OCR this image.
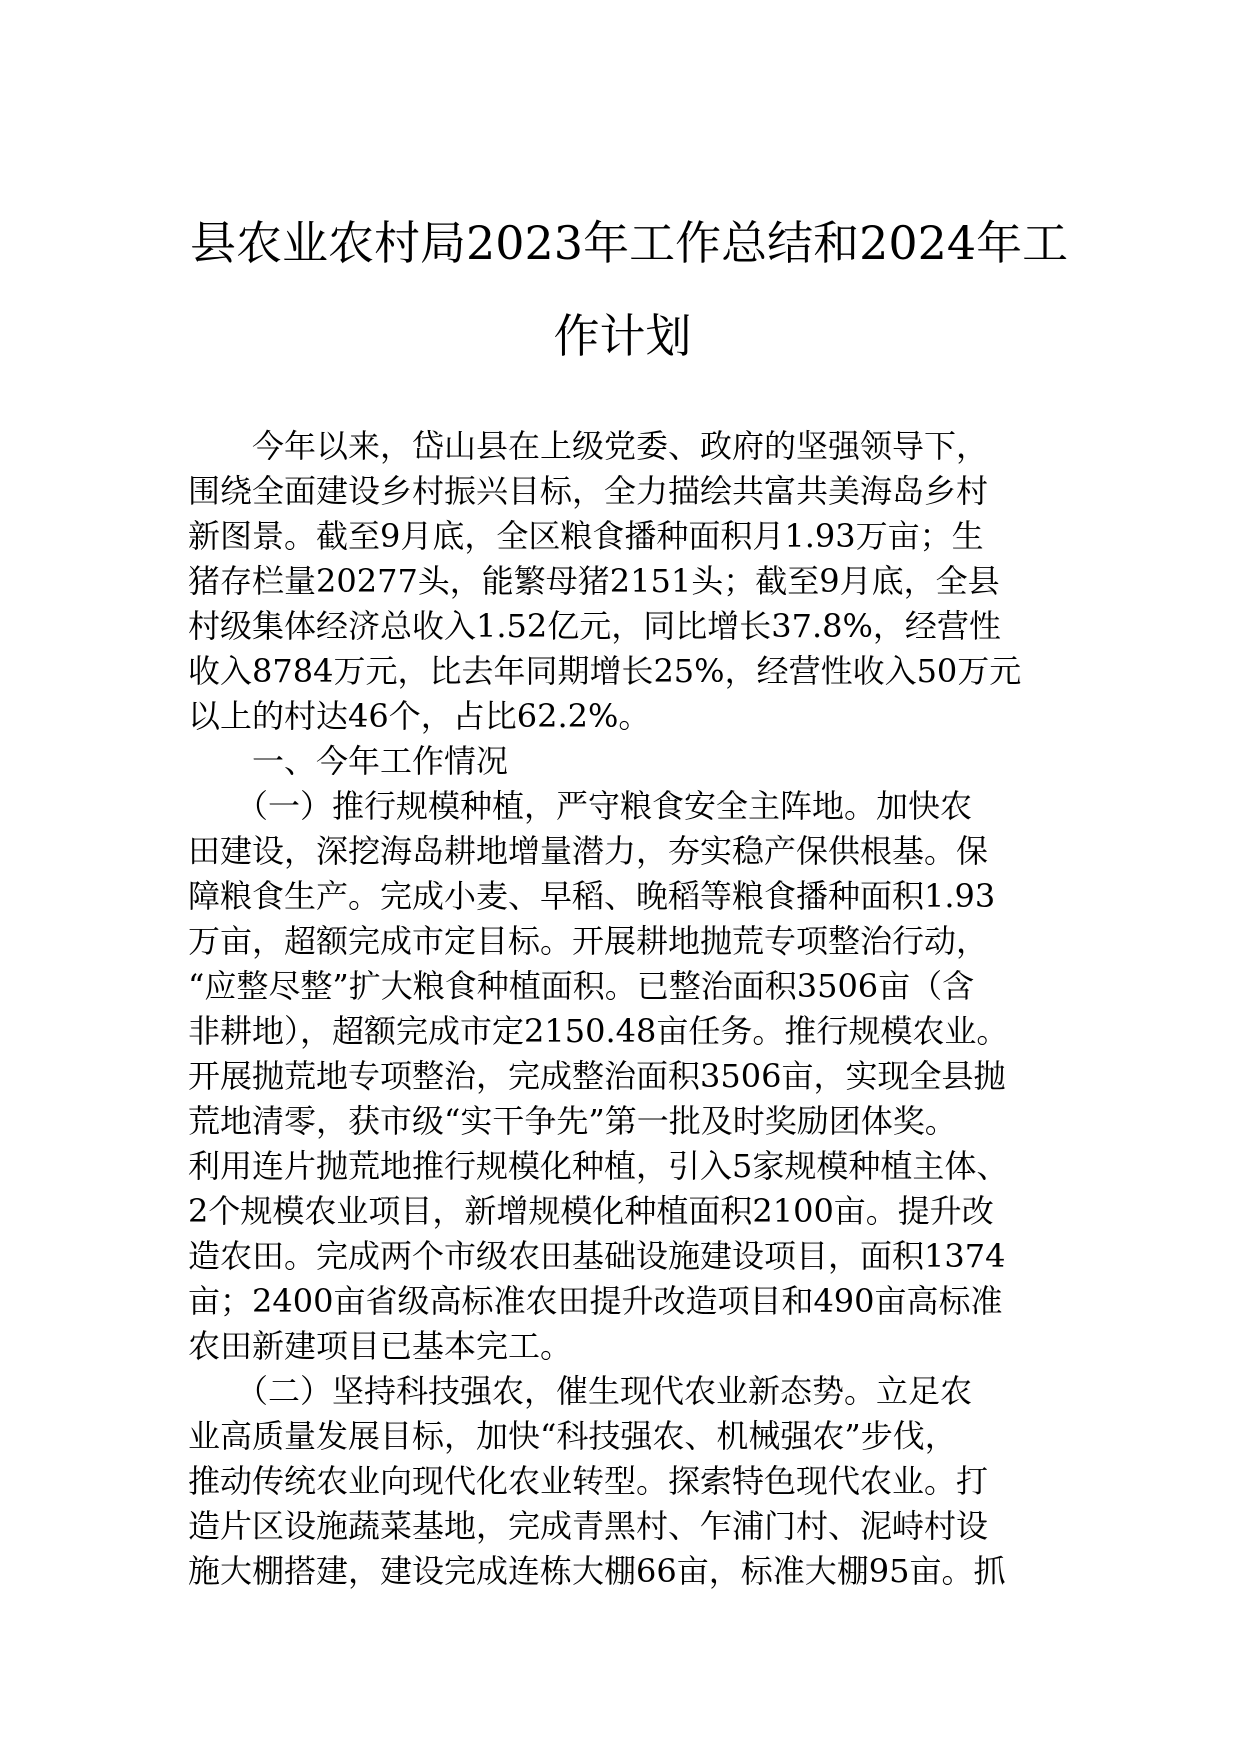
县农业农村局2023年工作总结和2024年工
作计划
　　今年以来，岱山县在上级党委、政府的坚强领导下，
围绕全面建设乡村振兴目标，全力描绘共富共美海岛乡村
新图景。截至9月底，全区粮食播种面积月1.93万亩；生
猪存栏量20277头，能繁母猪2151头；截至9月底，全县
村级集体经济总收入1.52亿元，同比增长37.8%，经营性
收入8784万元，比去年同期增长25%，经营性收入50万元
以上的村达46个，占比62.2%。
　　一、今年工作情况
　　（一）推行规模种植，严守粮食安全主阵地。加快农
田建设，深挖海岛耕地增量潜力，夯实稳产保供根基。保
障粮食生产。完成小麦、早稻、晚稻等粮食播种面积1.93
万亩，超额完成市定目标。开展耕地抛荒专项整治行动，
“应整尽整”扩大粮食种植面积。已整治面积3506亩（含
非耕地），超额完成市定2150.48亩任务。推行规模农业。
开展抛荒地专项整治，完成整治面积3506亩，实现全县抛
荒地清零，获市级“实干争先”第一批及时奖励团体奖。
利用连片抛荒地推行规模化种植，引入5家规模种植主体、
2个规模农业项目，新增规模化种植面积2100亩。提升改
造农田。完成两个市级农田基础设施建设项目，面积1374
亩；2400亩省级高标准农田提升改造项目和490亩高标准
农田新建项目已基本完工。
　　（二）坚持科技强农，催生现代农业新态势。立足农
业高质量发展目标，加快“科技强农、机械强农”步伐，
推动传统农业向现代化农业转型。探索特色现代农业。打
造片区设施蔬菜基地，完成青黑村、乍浦门村、泥峙村设
施大棚搭建，建设完成连栋大棚66亩，标准大棚95亩。抓
